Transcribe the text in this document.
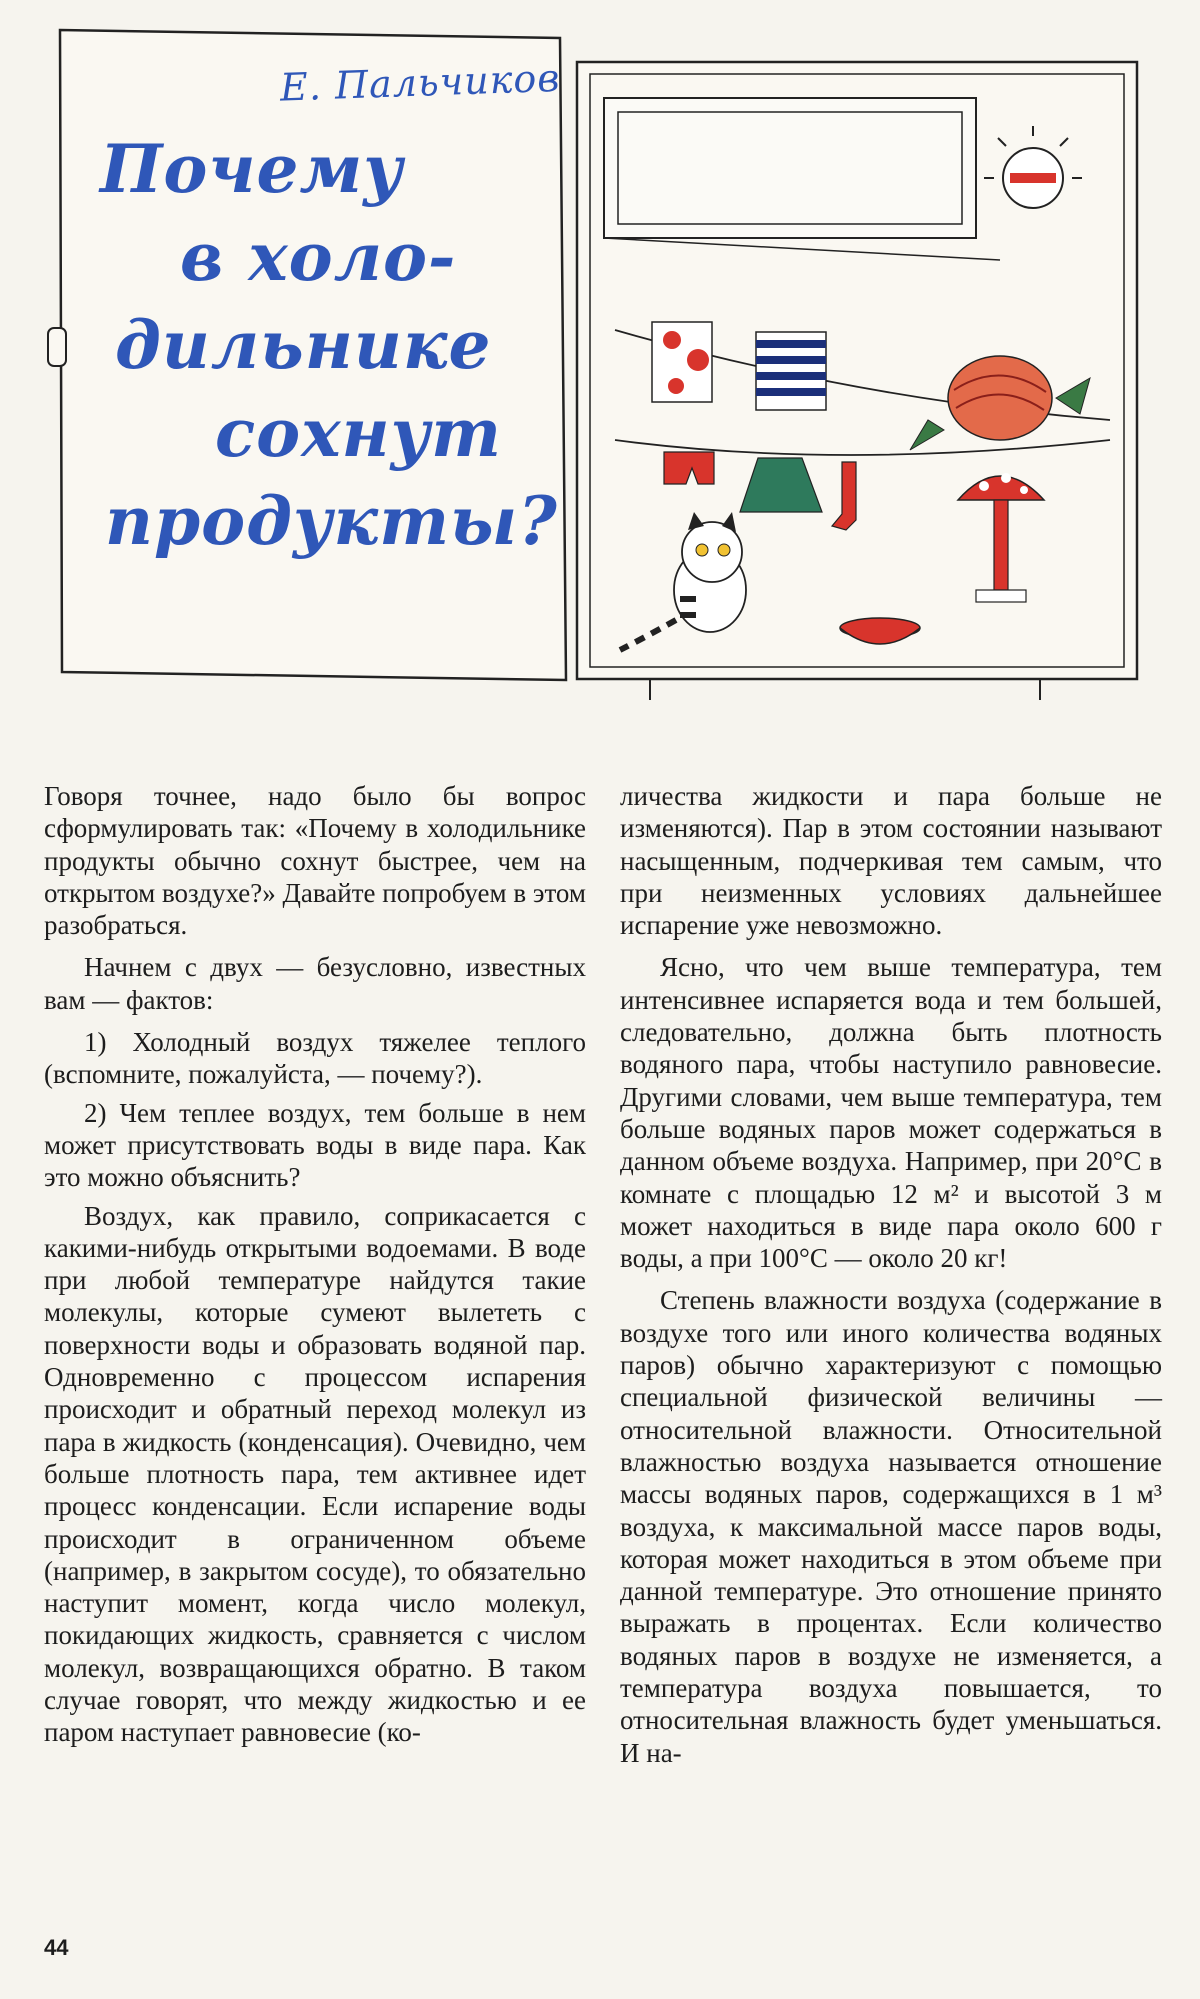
Е. Пальчиков
Почему
в холо-
дильнике
сохнут
продукты?

Говоря точнее, надо было бы вопрос сформулировать так: «Почему в холодильнике продукты обычно сохнут быстрее, чем на открытом воздухе?» Давайте попробуем в этом разобраться.

Начнем с двух — безусловно, известных вам — фактов:

1) Холодный воздух тяжелее теплого (вспомните, пожалуйста, — почему?).

2) Чем теплее воздух, тем больше в нем может присутствовать воды в виде пара. Как это можно объяснить?

Воздух, как правило, соприкасается с какими-нибудь открытыми водоемами. В воде при любой температуре найдутся такие молекулы, которые сумеют вылететь с поверхности воды и образовать водяной пар. Одновременно с процессом испарения происходит и обратный переход молекул из пара в жидкость (конденсация). Очевидно, чем больше плотность пара, тем активнее идет процесс конденсации. Если испарение воды происходит в ограниченном объеме (например, в закрытом сосуде), то обязательно наступит момент, когда число молекул, покидающих жидкость, сравняется с числом молекул, возвращающихся обратно. В таком случае говорят, что между жидкостью и ее паром наступает равновесие (ко-

личества жидкости и пара больше не изменяются). Пар в этом состоянии называют насыщенным, подчеркивая тем самым, что при неизменных условиях дальнейшее испарение уже невозможно.

Ясно, что чем выше температура, тем интенсивнее испаряется вода и тем большей, следовательно, должна быть плотность водяного пара, чтобы наступило равновесие. Другими словами, чем выше температура, тем больше водяных паров может содержаться в данном объеме воздуха. Например, при 20°С в комнате с площадью 12 м² и высотой 3 м может находиться в виде пара около 600 г воды, а при 100°С — около 20 кг!

Степень влажности воздуха (содержание в воздухе того или иного количества водяных паров) обычно характеризуют с помощью специальной физической величины — относительной влажности. Относительной влажностью воздуха называется отношение массы водяных паров, содержащихся в 1 м³ воздуха, к максимальной массе паров воды, которая может находиться в этом объеме при данной температуре. Это отношение принято выражать в процентах. Если количество водяных паров в воздухе не изменяется, а температура воздуха повышается, то относительная влажность будет уменьшаться. И на-

44
